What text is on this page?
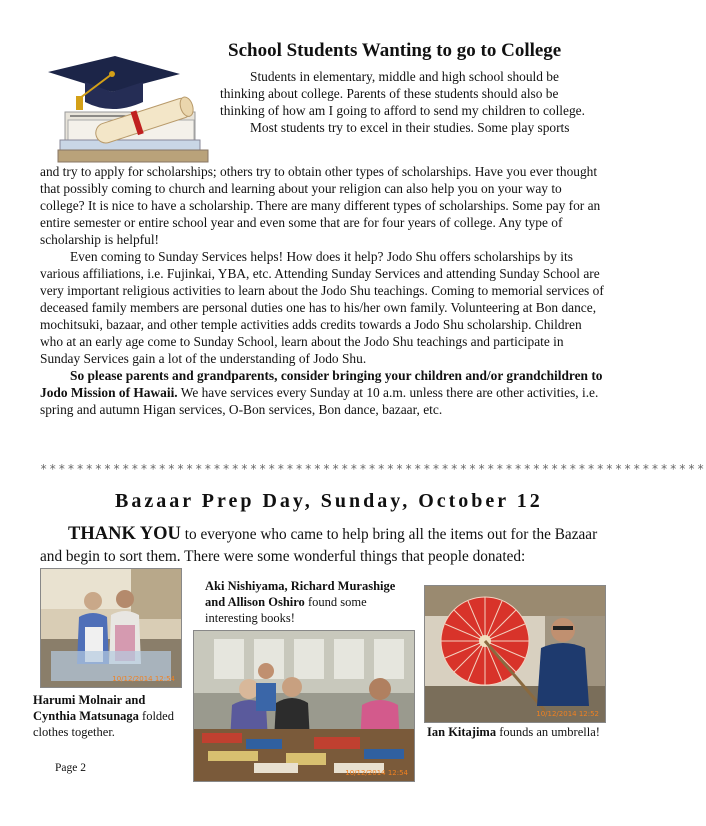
School Students Wanting to go to College

Students in elementary, middle and high school should be thinking about college. Parents of these students should also be thinking of how am I going to afford to send my children to college.

Most students try to excel in their studies. Some play sports

and try to apply for scholarships; others try to obtain other types of scholarships. Have you ever thought that possibly coming to church and learning about your religion can also help you on your way to college? It is nice to have a scholarship. There are many different types of scholarships. Some pay for an entire semester or entire school year and even some that are for four years of college. Any type of scholarship is helpful!

Even coming to Sunday Services helps! How does it help? Jodo Shu offers scholarships by its various affiliations, i.e. Fujinkai, YBA, etc. Attending Sunday Services and attending Sunday School are very important religious activities to learn about the Jodo Shu teachings. Coming to memorial services of deceased family members are personal duties one has to his/her own family. Volunteering at Bon dance, mochitsuki, bazaar, and other temple activities adds credits towards a Jodo Shu scholarship. Children who at an early age come to Sunday School, learn about the Jodo Shu teachings and participate in Sunday Services gain a lot of the understanding of Jodo Shu.

So please parents and grandparents, consider bringing your children and/or grandchildren to Jodo Mission of Hawaii. We have services every Sunday at 10 a.m. unless there are other activities, i.e. spring and autumn Higan services, O-Bon services, Bon dance, bazaar, etc.

*************************************************************************
Bazaar Prep Day, Sunday, October 12
THANK YOU to everyone who came to help bring all the items out for the Bazaar and begin to sort them. There were some wonderful things that people donated:
10/12/2014 12:54
Harumi Molnair and Cynthia Matsunaga folded clothes together.
Aki Nishiyama, Richard Murashige and Allison Oshiro found some interesting books!
10/12/2014 12:54
10/12/2014 12:52
Ian Kitajima founds an umbrella!
Page 2
